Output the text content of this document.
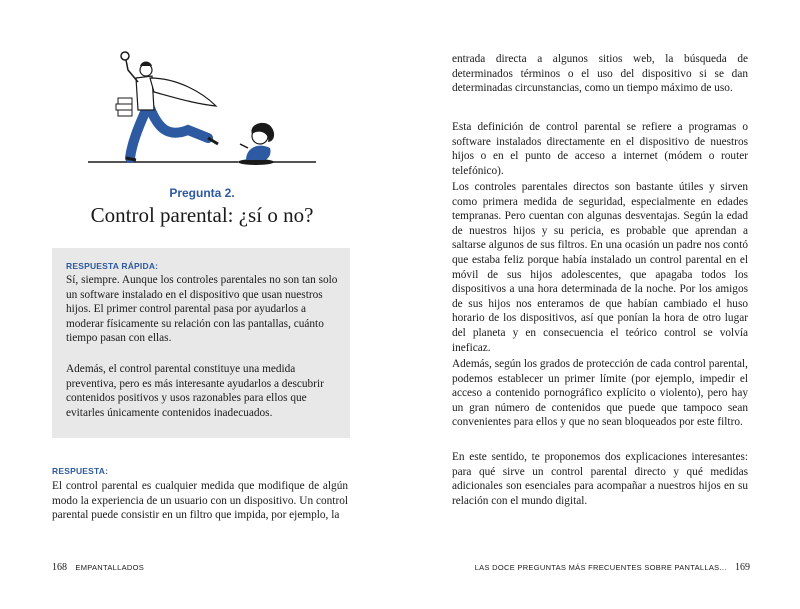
Pregunta 2.
Control parental: ¿sí o no?
RESPUESTA RÁPIDA:

Sí, siempre. Aunque los controles parentales no son tan solo un software instalado en el dispositivo que usan nuestros hijos. El primer control parental pasa por ayudarlos a moderar físicamente su relación con las pantallas, cuánto tiempo pasan con ellas.

Además, el control parental constituye una medida preventiva, pero es más interesante ayudarlos a descubrir contenidos positivos y usos razonables para ellos que evitarles únicamente contenidos inadecuados.

RESPUESTA:

El control parental es cualquier medida que modifique de algún modo la experiencia de un usuario con un dispositivo. Un control parental puede consistir en un filtro que impida, por ejemplo, la

168 EMPANTALLADOS

entrada directa a algunos sitios web, la búsqueda de determinados términos o el uso del dispositivo si se dan determinadas circunstancias, como un tiempo máximo de uso.

Esta definición de control parental se refiere a programas o software instalados directamente en el dispositivo de nuestros hijos o en el punto de acceso a internet (módem o router telefónico).

Los controles parentales directos son bastante útiles y sirven como primera medida de seguridad, especialmente en edades tempranas. Pero cuentan con algunas desventajas. Según la edad de nuestros hijos y su pericia, es probable que aprendan a saltarse algunos de sus filtros. En una ocasión un padre nos contó que estaba feliz porque había instalado un control parental en el móvil de sus hijos adolescentes, que apagaba todos los dispositivos a una hora determinada de la noche. Por los amigos de sus hijos nos enteramos de que habían cambiado el huso horario de los dispositivos, así que ponían la hora de otro lugar del planeta y en consecuencia el teórico control se volvía ineficaz.

Además, según los grados de protección de cada control parental, podemos establecer un primer límite (por ejemplo, impedir el acceso a contenido pornográfico explícito o violento), pero hay un gran número de contenidos que puede que tampoco sean convenientes para ellos y que no sean bloqueados por este filtro.

En este sentido, te proponemos dos explicaciones interesantes: para qué sirve un control parental directo y qué medidas adicionales son esenciales para acompañar a nuestros hijos en su relación con el mundo digital.

LAS DOCE PREGUNTAS MÁS FRECUENTES SOBRE PANTALLAS... 169
